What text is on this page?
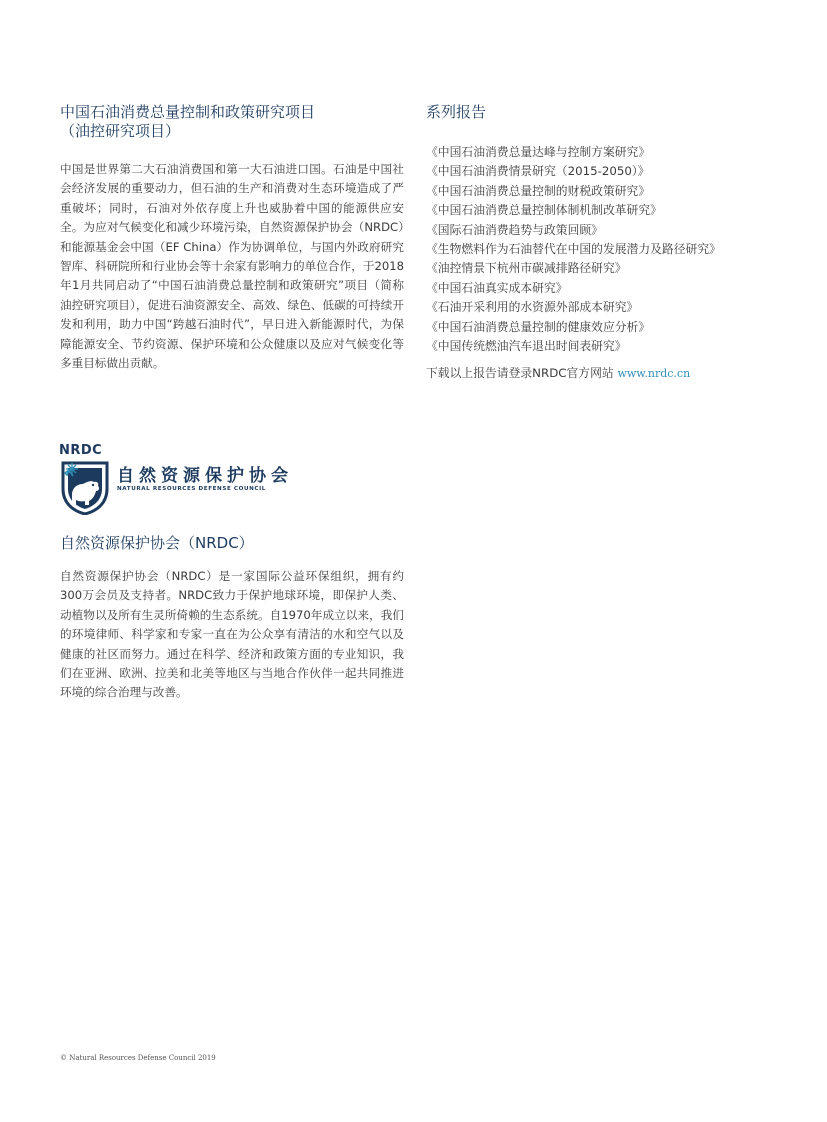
中国石油消费总量控制和政策研究项目
（油控研究项目）

中国是世界第二大石油消费国和第一大石油进口国。石油是中国社会经济发展的重要动力，但石油的生产和消费对生态环境造成了严重破坏；同时，石油对外依存度上升也威胁着中国的能源供应安全。为应对气候变化和减少环境污染，自然资源保护协会（NRDC）和能源基金会中国（EF China）作为协调单位，与国内外政府研究智库、科研院所和行业协会等十余家有影响力的单位合作，于2018年1月共同启动了“中国石油消费总量控制和政策研究”项目（简称油控研究项目），促进石油资源安全、高效、绿色、低碳的可持续开发和利用，助力中国“跨越石油时代”，早日进入新能源时代，为保障能源安全、节约资源、保护环境和公众健康以及应对气候变化等多重目标做出贡献。

系列报告
《中国石油消费总量达峰与控制方案研究》
《中国石油消费情景研究（2015-2050）》
《中国石油消费总量控制的财税政策研究》
《中国石油消费总量控制体制机制改革研究》
《国际石油消费趋势与政策回顾》
《生物燃料作为石油替代在中国的发展潜力及路径研究》
《油控情景下杭州市碳减排路径研究》
《中国石油真实成本研究》
《石油开采利用的水资源外部成本研究》
《中国石油消费总量控制的健康效应分析》
《中国传统燃油汽车退出时间表研究》
下载以上报告请登录NRDC官方网站 www.nrdc.cn
NRDC
自然资源保护协会
NATURAL RESOURCES DEFENSE COUNCIL
自然资源保护协会（NRDC）

自然资源保护协会（NRDC）是一家国际公益环保组织，拥有约300万会员及支持者。NRDC致力于保护地球环境，即保护人类、动植物以及所有生灵所倚赖的生态系统。自1970年成立以来，我们的环境律师、科学家和专家一直在为公众享有清洁的水和空气以及健康的社区而努力。通过在科学、经济和政策方面的专业知识，我们在亚洲、欧洲、拉美和北美等地区与当地合作伙伴一起共同推进环境的综合治理与改善。

© Natural Resources Defense Council 2019
